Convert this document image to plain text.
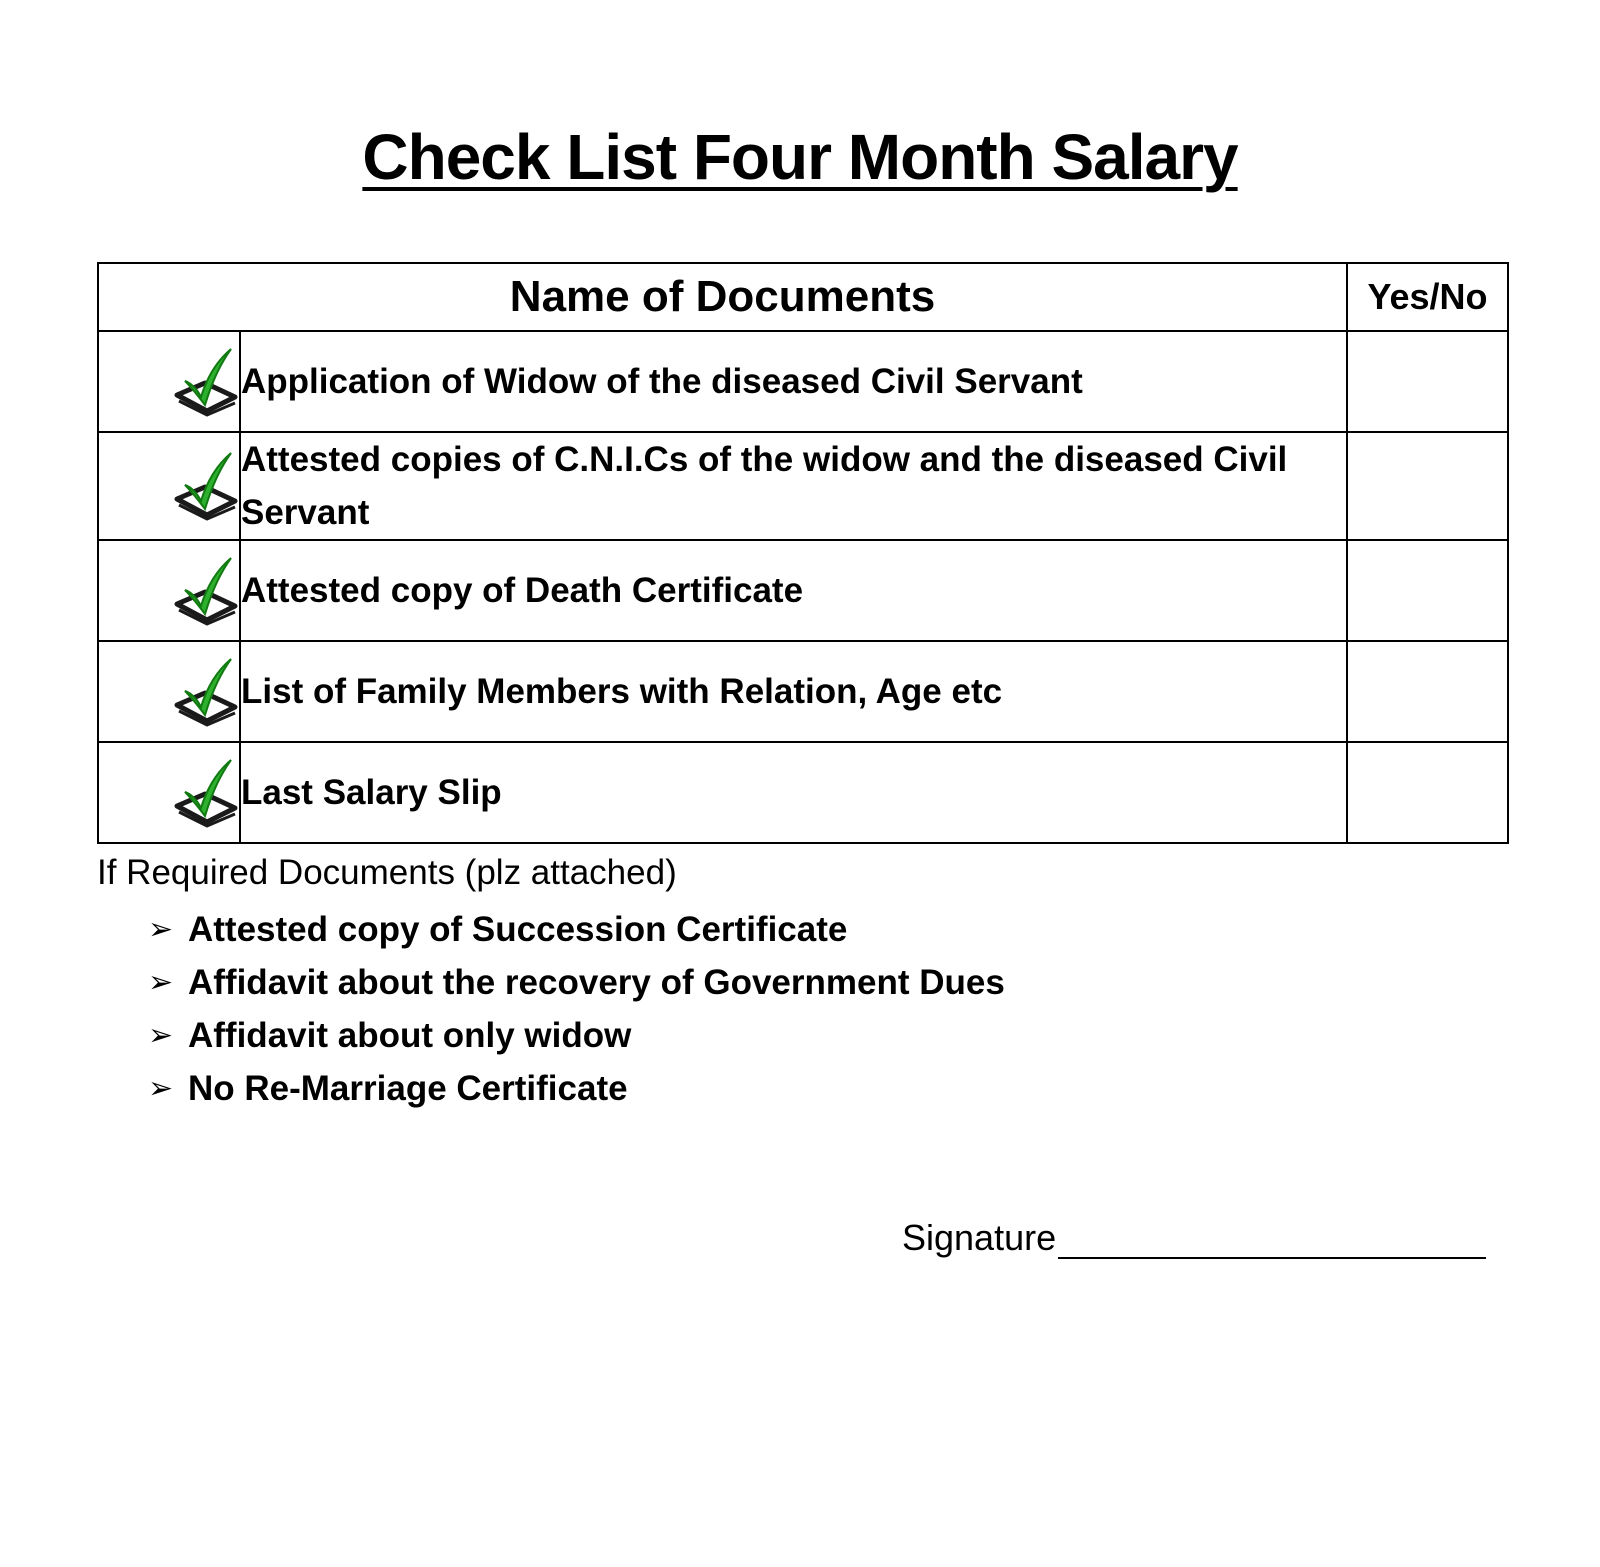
Check List Four Month Salary
Name of Documents		Yes/No

	Application of Widow of the diseased Civil Servant	

	Attested copies of C.N.I.Cs of the widow and the diseased Civil Servant	

	Attested copy of Death Certificate	

	List of Family Members with Relation, Age etc	

	Last Salary Slip	
If Required Documents (plz attached)
➢ Attested copy of Succession Certificate
➢ Affidavit about the recovery of Government Dues
➢ Affidavit about only widow
➢ No Re-Marriage Certificate
Signature
